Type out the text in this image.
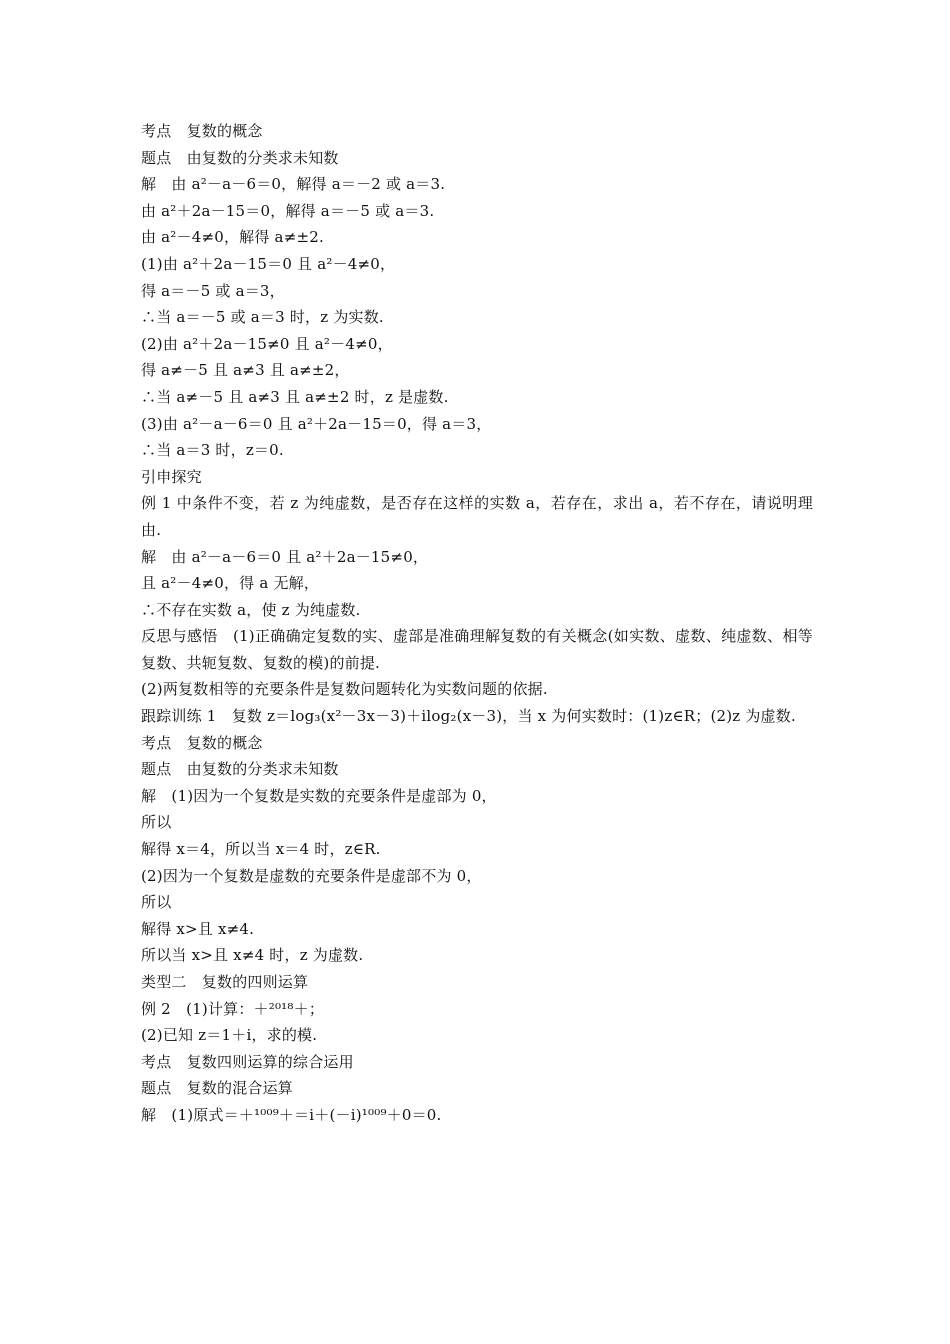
考点　复数的概念
题点　由复数的分类求未知数
解　由 a²－a－6＝0，解得 a＝－2 或 a＝3.
由 a²＋2a－15＝0，解得 a＝－5 或 a＝3.
由 a²－4≠0，解得 a≠±2.
(1)由 a²＋2a－15＝0 且 a²－4≠0，
得 a＝－5 或 a＝3，
∴当 a＝－5 或 a＝3 时，z 为实数.
(2)由 a²＋2a－15≠0 且 a²－4≠0，
得 a≠－5 且 a≠3 且 a≠±2，
∴当 a≠－5 且 a≠3 且 a≠±2 时，z 是虚数.
(3)由 a²－a－6＝0 且 a²＋2a－15＝0，得 a＝3，
∴当 a＝3 时，z＝0.
引申探究
例 1 中条件不变，若 z 为纯虚数，是否存在这样的实数 a，若存在，求出 a，若不存在，请说明理由.
解　由 a²－a－6＝0 且 a²＋2a－15≠0，
且 a²－4≠0，得 a 无解，
∴不存在实数 a，使 z 为纯虚数.
反思与感悟　(1)正确确定复数的实、虚部是准确理解复数的有关概念(如实数、虚数、纯虚数、相等复数、共轭复数、复数的模)的前提.
(2)两复数相等的充要条件是复数问题转化为实数问题的依据.
跟踪训练 1　复数 z＝log₃(x²－3x－3)＋ilog₂(x－3)，当 x 为何实数时：(1)z∈R；(2)z 为虚数.
考点　复数的概念
题点　由复数的分类求未知数
解　(1)因为一个复数是实数的充要条件是虚部为 0，
所以
解得 x＝4，所以当 x＝4 时，z∈R.
(2)因为一个复数是虚数的充要条件是虚部不为 0，
所以
解得 x>且 x≠4.
所以当 x>且 x≠4 时，z 为虚数.
类型二　复数的四则运算
例 2　(1)计算：＋²⁰¹⁸＋；
(2)已知 z＝1＋i，求的模.
考点　复数四则运算的综合运用
题点　复数的混合运算
解　(1)原式＝＋¹⁰⁰⁹＋＝i＋(－i)¹⁰⁰⁹＋0＝0.
